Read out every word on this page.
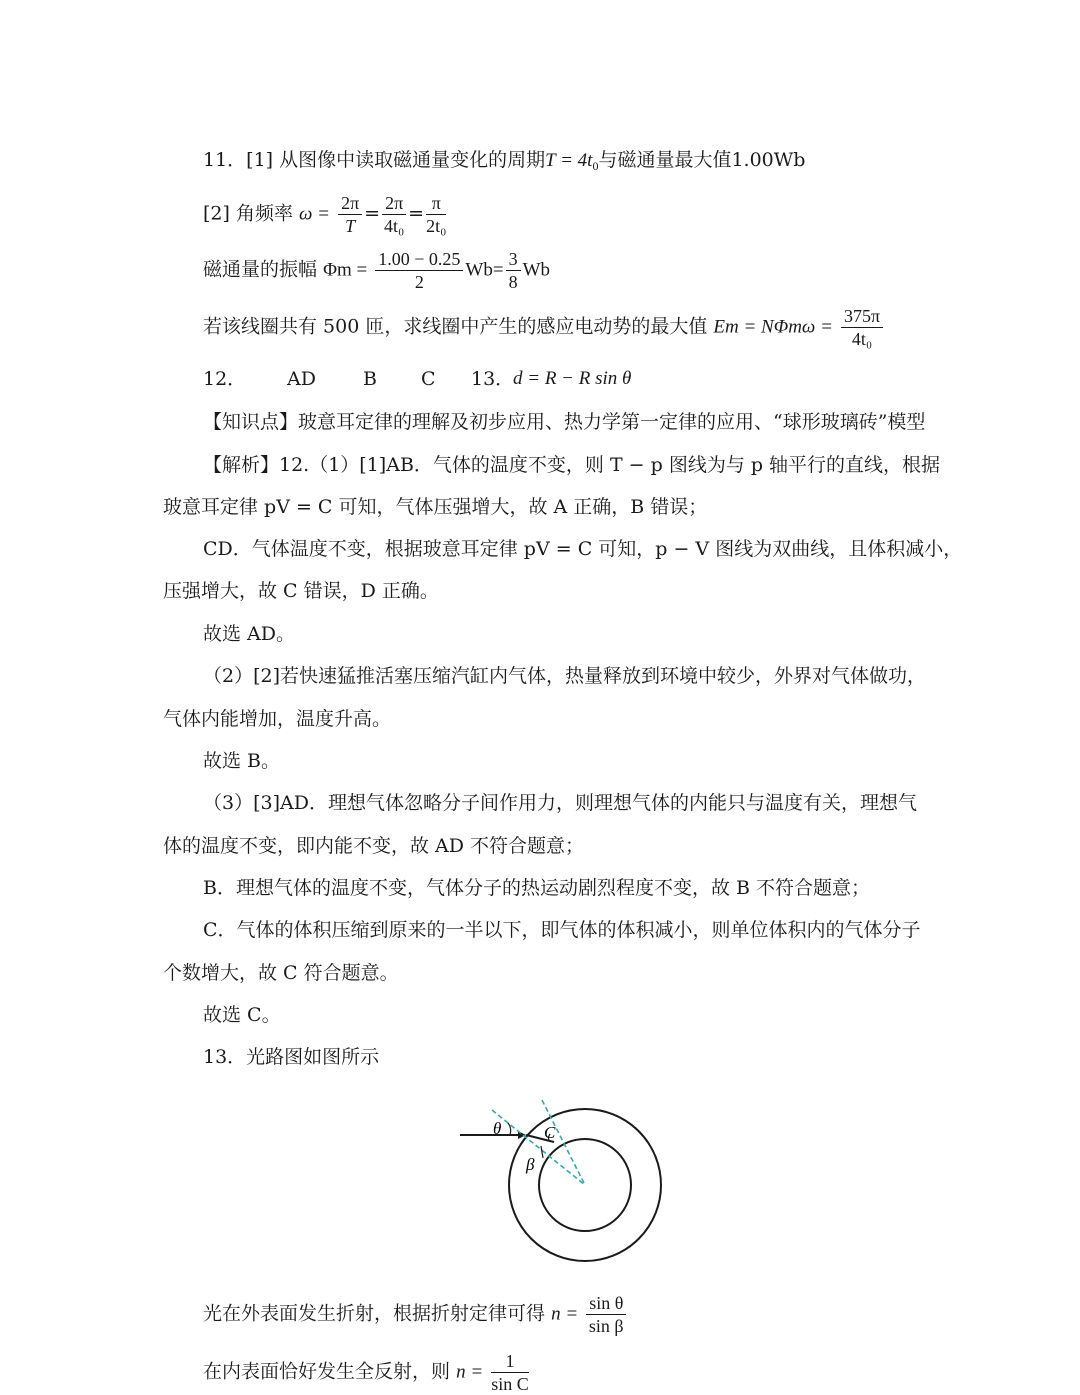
11．[1] 从图像中读取磁通量变化的周期$T = 4t_0$与磁通量最大值1.00Wb
[2] 角频率 $\omega = \frac{2\pi}{T} = \frac{2\pi}{\text{4t₀}} = \frac{\pi}{\text{2t₀}}$
磁通量的振幅 $\Phi m = \frac{1.00 - 0.25}{2} Wb= \frac{3}{8}$ Wb
若该线圈共有 500 匝，求线圈中产生的感应电动势的最大值 $Em = N\Phi m\omega = \frac{375\pi}{\text{4t₀}}$
12． AD B C 13．
d = R − R sin θ
【知识点】玻意耳定律的理解及初步应用、热力学第一定律的应用、“球形玻璃砖”模型
【解析】12.（1）[1]AB．气体的温度不变，则 T − p 图线为与 p 轴平行的直线，根据
玻意耳定律 pV = C 可知，气体压强增大，故 A 正确，B 错误；
CD．气体温度不变，根据玻意耳定律 pV = C 可知，p − V 图线为双曲线，且体积减小，
压强增大，故 C 错误，D 正确。
故选 AD。
（2）[2]若快速猛推活塞压缩汽缸内气体，热量释放到环境中较少，外界对气体做功，
气体内能增加，温度升高。
故选 B。
（3）[3]AD．理想气体忽略分子间作用力，则理想气体的内能只与温度有关，理想气
体的温度不变，即内能不变，故 AD 不符合题意；
B．理想气体的温度不变，气体分子的热运动剧烈程度不变，故 B 不符合题意；
C．气体的体积压缩到原来的一半以下，即气体的体积减小，则单位体积内的气体分子
个数增大，故 C 符合题意。
故选 C。
13．光路图如图所示
θ	C
β
光在外表面发生折射，根据折射定律可得 $n = \frac{\text{sin θ}}{\text{sin β}}$
在内表面恰好发生全反射，则 $n = \frac{1}{\text{sin C}}$
